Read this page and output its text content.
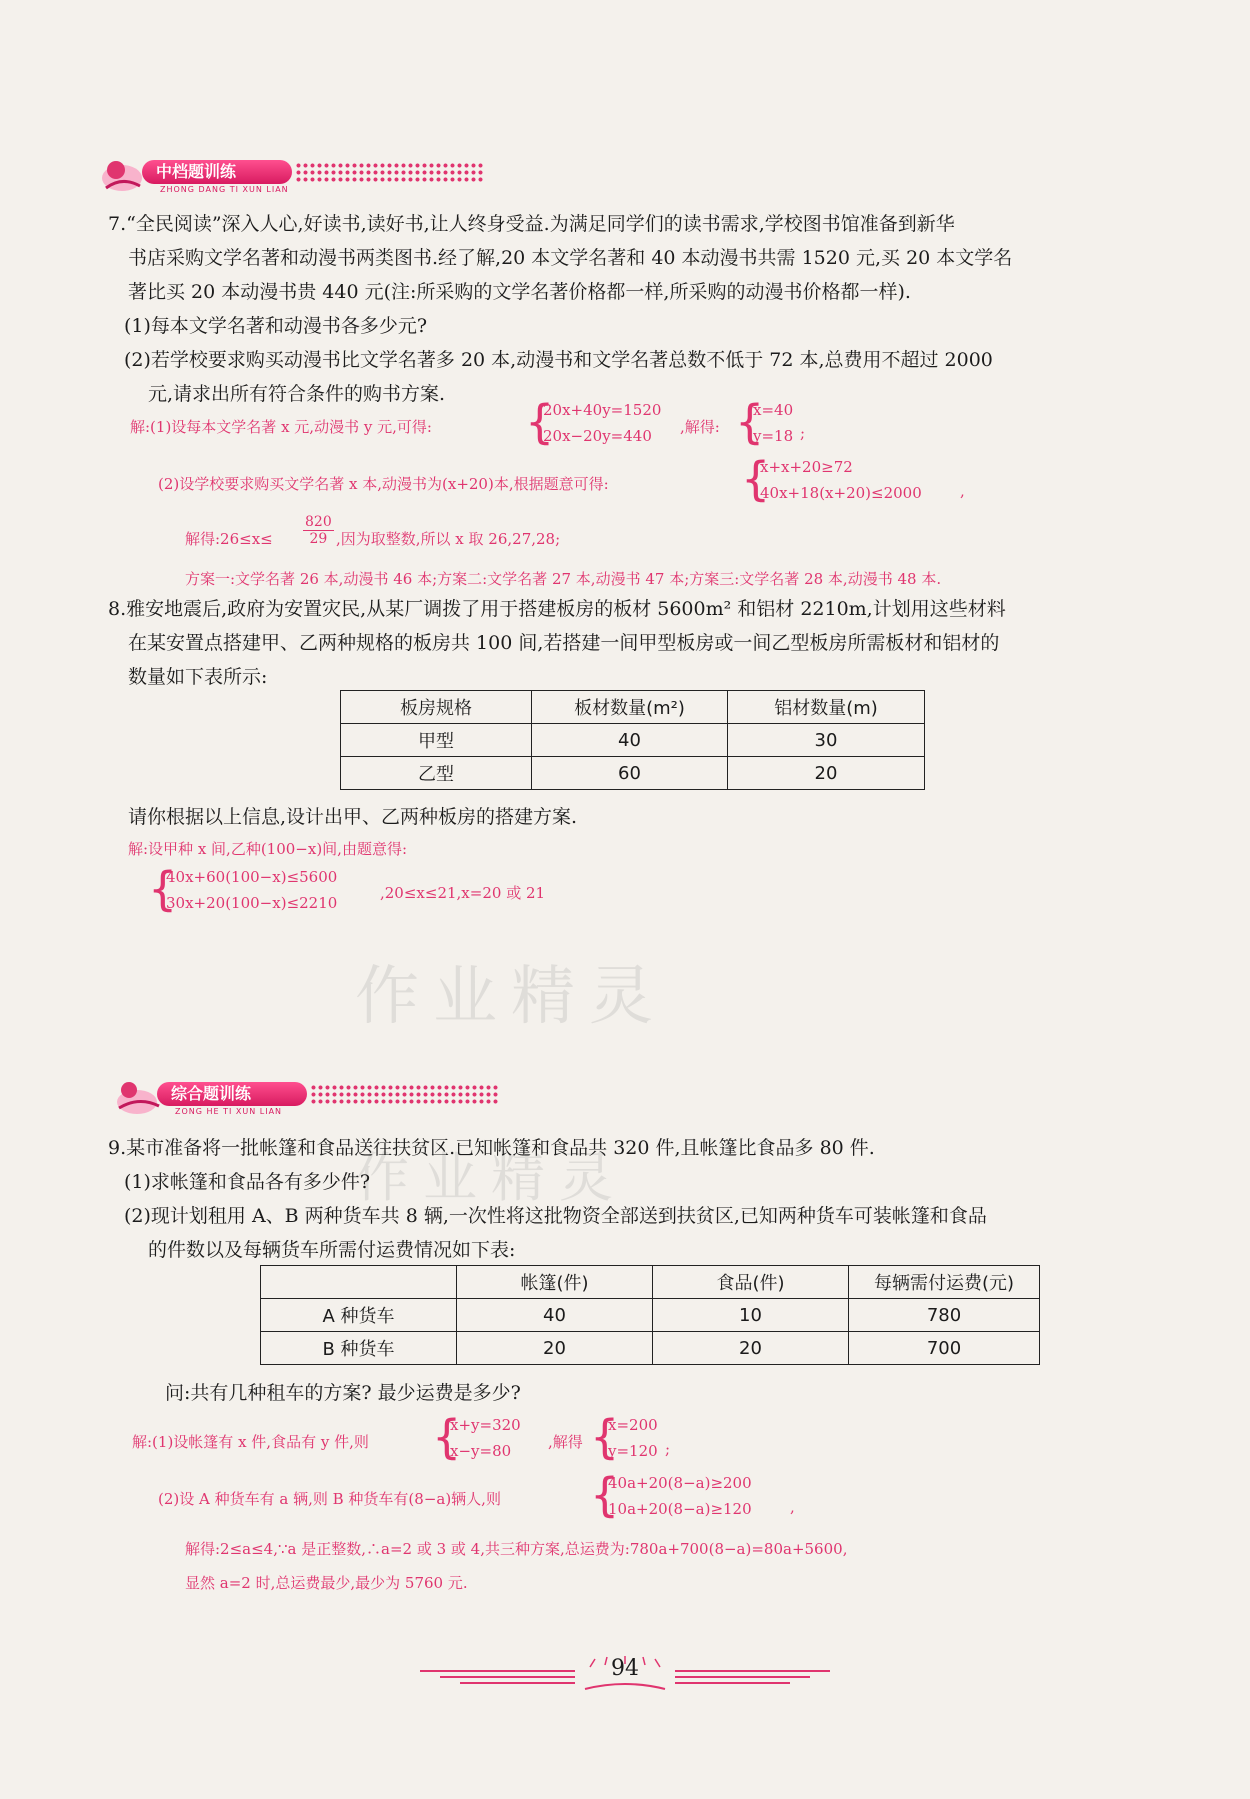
中档题训练
ZHONG DANG TI XUN LIAN
7.“全民阅读”深入人心,好读书,读好书,让人终身受益.为满足同学们的读书需求,学校图书馆准备到新华
书店采购文学名著和动漫书两类图书.经了解,20 本文学名著和 40 本动漫书共需 1520 元,买 20 本文学名
著比买 20 本动漫书贵 440 元(注:所采购的文学名著价格都一样,所采购的动漫书价格都一样).
(1)每本文学名著和动漫书各多少元?
(2)若学校要求购买动漫书比文学名著多 20 本,动漫书和文学名著总数不低于 72 本,总费用不超过 2000
元,请求出所有符合条件的购书方案.
解:(1)设每本文学名著 x 元,动漫书 y 元,可得: {
20x+40y=1520
20x−20y=440 ,解得: {
x=40
y=18 ;
(2)设学校要求购买文学名著 x 本,动漫书为(x+20)本,根据题意可得:	{
x+x+20≥72
40x+18(x+20)≤2000	,
解得:26≤x≤ $\frac{820}{29}$ ,因为取整数,所以 x 取 26,27,28;
方案一:文学名著 26 本,动漫书 46 本;方案二:文学名著 27 本,动漫书 47 本;方案三:文学名著 28 本,动漫书 48 本.
8.雅安地震后,政府为安置灾民,从某厂调拨了用于搭建板房的板材 5600m² 和铝材 2210m,计划用这些材料
在某安置点搭建甲、乙两种规格的板房共 100 间,若搭建一间甲型板房或一间乙型板房所需板材和铝材的
数量如下表所示:
板房规格	板材数量(m²)	铝材数量(m)
甲型	40	30
乙型	60	20
请你根据以上信息,设计出甲、乙两种板房的搭建方案.
解:设甲种 x 间,乙种(100−x)间,由题意得:
{
40x+60(100−x)≤5600
30x+20(100−x)≤2210
,20≤x≤21,x=20 或 21
作业精灵
作业精灵
综合题训练
ZONG HE TI XUN LIAN
9.某市准备将一批帐篷和食品送往扶贫区.已知帐篷和食品共 320 件,且帐篷比食品多 80 件.
(1)求帐篷和食品各有多少件?
(2)现计划租用 A、B 两种货车共 8 辆,一次性将这批物资全部送到扶贫区,已知两种货车可装帐篷和食品
的件数以及每辆货车所需付运费情况如下表:
	帐篷(件)	食品(件)	每辆需付运费(元)
A 种货车	40	10	780
B 种货车	20	20	700
问:共有几种租车的方案? 最少运费是多少?
解:(1)设帐篷有 x 件,食品有 y 件,则 {
x+y=320
x−y=80 ,解得 {
x=200
y=120 ;
(2)设 A 种货车有 a 辆,则 B 种货车有(8−a)辆人,则 {
40a+20(8−a)≥200
10a+20(8−a)≥120	,
解得:2≤a≤4,∵a 是正整数,∴a=2 或 3 或 4,共三种方案,总运费为:780a+700(8−a)=80a+5600,
显然 a=2 时,总运费最少,最少为 5760 元.
94
